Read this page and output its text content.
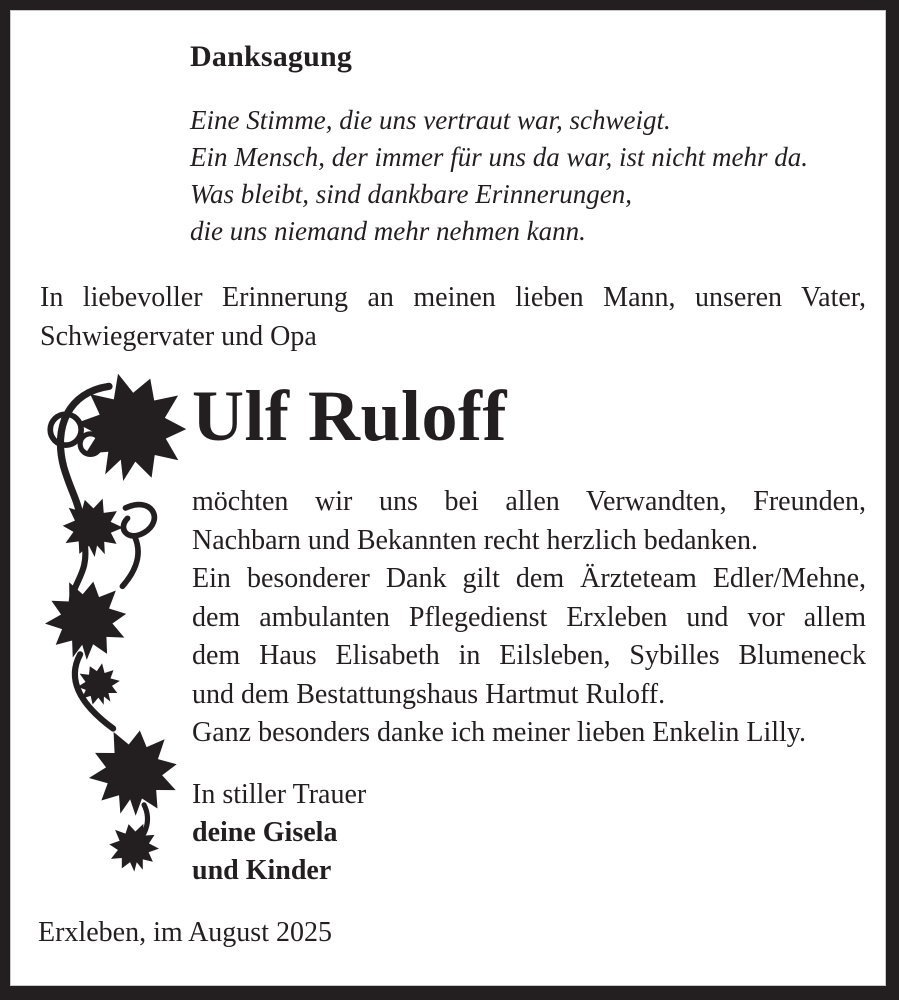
Danksagung
Eine Stimme, die uns vertraut war, schweigt.
Ein Mensch, der immer für uns da war, ist nicht mehr da.
Was bleibt, sind dankbare Erinnerungen,
die uns niemand mehr nehmen kann.
In liebevoller Erinnerung an meinen lieben Mann, unseren Vater,
Schwiegervater und Opa
Ulf Ruloff
möchten wir uns bei allen Verwandten, Freunden,
Nachbarn und Bekannten recht herzlich bedanken.
Ein besonderer Dank gilt dem Ärzteteam Edler/Mehne,
dem ambulanten Pflegedienst Erxleben und vor allem
dem Haus Elisabeth in Eilsleben, Sybilles Blumeneck
und dem Bestattungshaus Hartmut Ruloff.
Ganz besonders danke ich meiner lieben Enkelin Lilly.
In stiller Trauer
deine Gisela
und Kinder
Erxleben, im August 2025
